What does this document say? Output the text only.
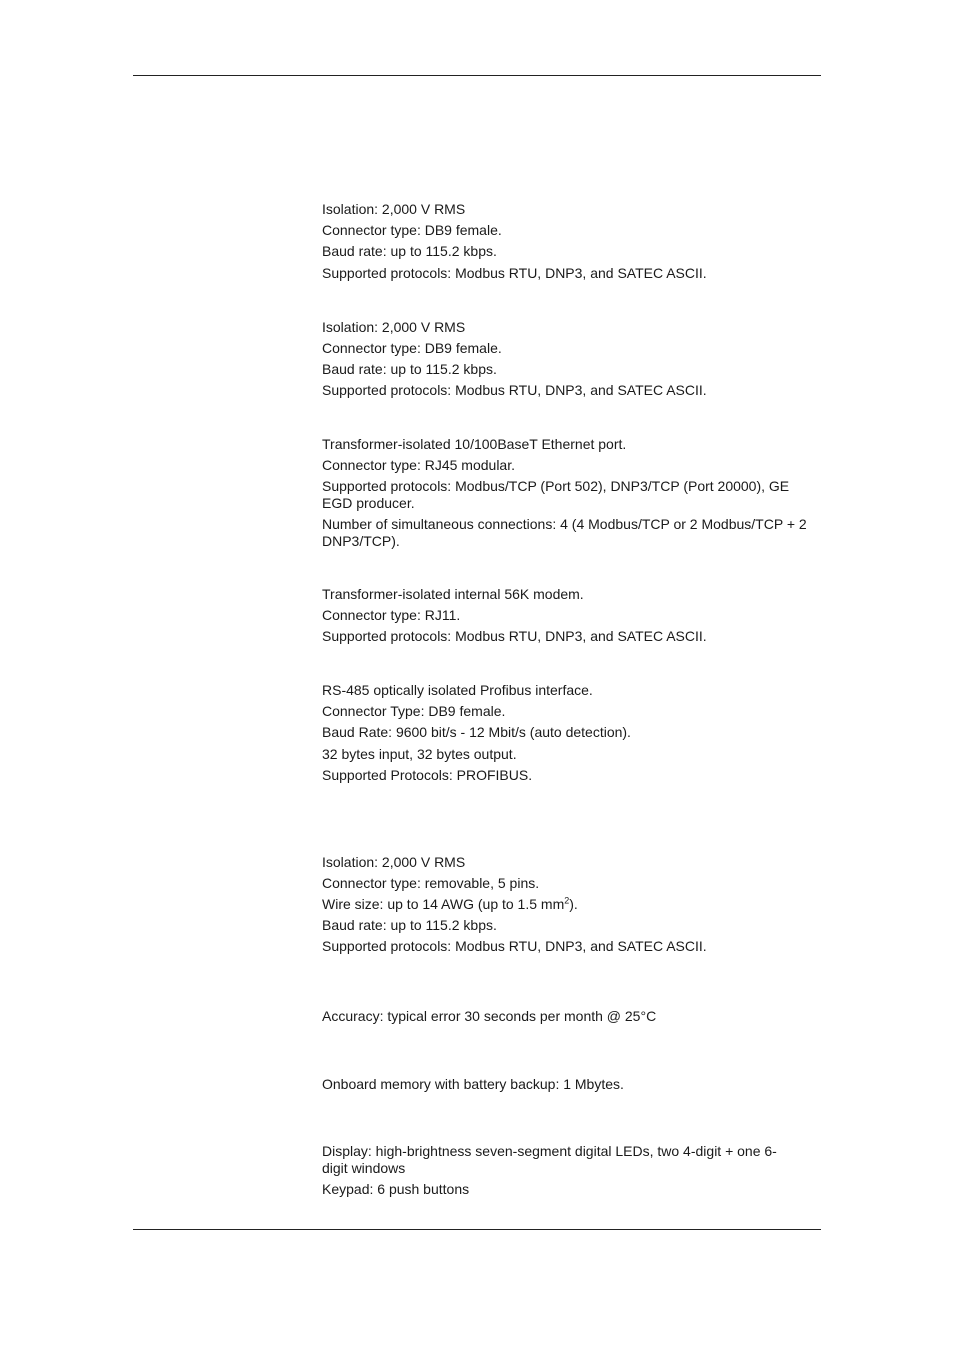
Isolation: 2,000 V RMS
Connector type: DB9 female.
Baud rate: up to 115.2 kbps.
Supported protocols: Modbus RTU, DNP3, and SATEC ASCII.
Isolation: 2,000 V RMS
Connector type: DB9 female.
Baud rate: up to 115.2 kbps.
Supported protocols: Modbus RTU, DNP3, and SATEC ASCII.
Transformer-isolated 10/100BaseT Ethernet port.
Connector type: RJ45 modular.
Supported protocols: Modbus/TCP (Port 502), DNP3/TCP (Port 20000), GE EGD producer.
Number of simultaneous connections: 4 (4 Modbus/TCP or 2 Modbus/TCP + 2 DNP3/TCP).
Transformer-isolated internal 56K modem.
Connector type: RJ11.
Supported protocols: Modbus RTU, DNP3, and SATEC ASCII.
RS-485 optically isolated Profibus interface.
Connector Type: DB9 female.
Baud Rate: 9600 bit/s - 12 Mbit/s (auto detection).
32 bytes input, 32 bytes output.
Supported Protocols: PROFIBUS.
Isolation: 2,000 V RMS
Connector type: removable, 5 pins.
Wire size: up to 14 AWG (up to 1.5 $mm^2$).
Baud rate: up to 115.2 kbps.
Supported protocols: Modbus RTU, DNP3, and SATEC ASCII.
Accuracy: typical error 30 seconds per month @ 25°C
Onboard memory with battery backup: 1 Mbytes.
Display: high-brightness seven-segment digital LEDs, two 4-digit + one 6-digit windows
Keypad: 6 push buttons
